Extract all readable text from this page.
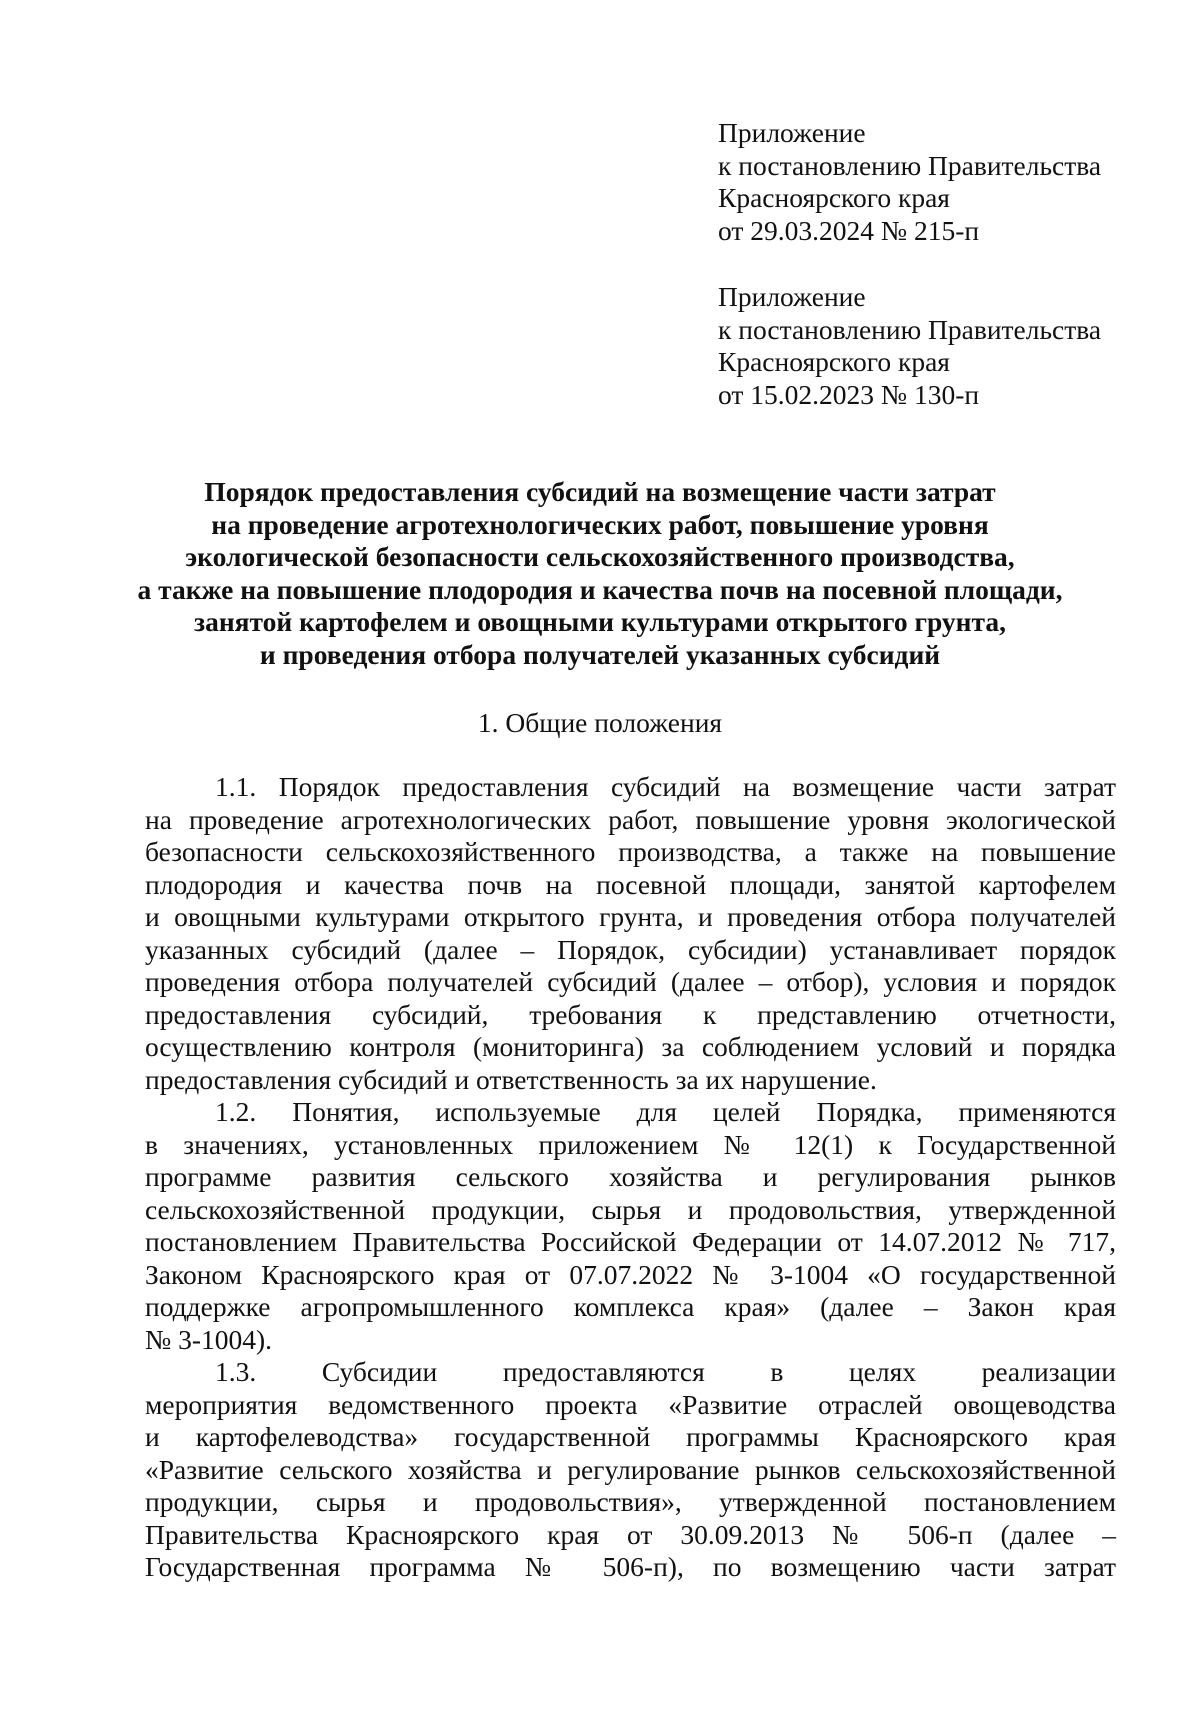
Приложение
к постановлению Правительства
Красноярского края
от 29.03.2024 № 215-п
Приложение
к постановлению Правительства
Красноярского края
от 15.02.2023 № 130-п
Порядок предоставления субсидий на возмещение части затрат
на проведение агротехнологических работ, повышение уровня
экологической безопасности сельскохозяйственного производства,
а также на повышение плодородия и качества почв на посевной площади,
занятой картофелем и овощными культурами открытого грунта,
и проведения отбора получателей указанных субсидий
1. Общие положения
1.1. Порядок предоставления субсидий на возмещение части затрат
на проведение агротехнологических работ, повышение уровня экологической
безопасности сельскохозяйственного производства, а также на повышение
плодородия и качества почв на посевной площади, занятой картофелем
и овощными культурами открытого грунта, и проведения отбора получателей
указанных субсидий (далее – Порядок, субсидии) устанавливает порядок
проведения отбора получателей субсидий (далее – отбор), условия и порядок
предоставления субсидий, требования к представлению отчетности,
осуществлению контроля (мониторинга) за соблюдением условий и порядка
предоставления субсидий и ответственность за их нарушение.
1.2. Понятия, используемые для целей Порядка, применяются
в значениях, установленных приложением № 12(1) к Государственной
программе развития сельского хозяйства и регулирования рынков
сельскохозяйственной продукции, сырья и продовольствия, утвержденной
постановлением Правительства Российской Федерации от 14.07.2012 № 717,
Законом Красноярского края от 07.07.2022 № 3-1004 «О государственной
поддержке агропромышленного комплекса края» (далее – Закон края
№ 3-1004).
1.3. Субсидии предоставляются в целях реализации
мероприятия ведомственного проекта «Развитие отраслей овощеводства
и картофелеводства» государственной программы Красноярского края
«Развитие сельского хозяйства и регулирование рынков сельскохозяйственной
продукции, сырья и продовольствия», утвержденной постановлением
Правительства Красноярского края от 30.09.2013 № 506-п (далее –
Государственная программа № 506-п), по возмещению части затрат
